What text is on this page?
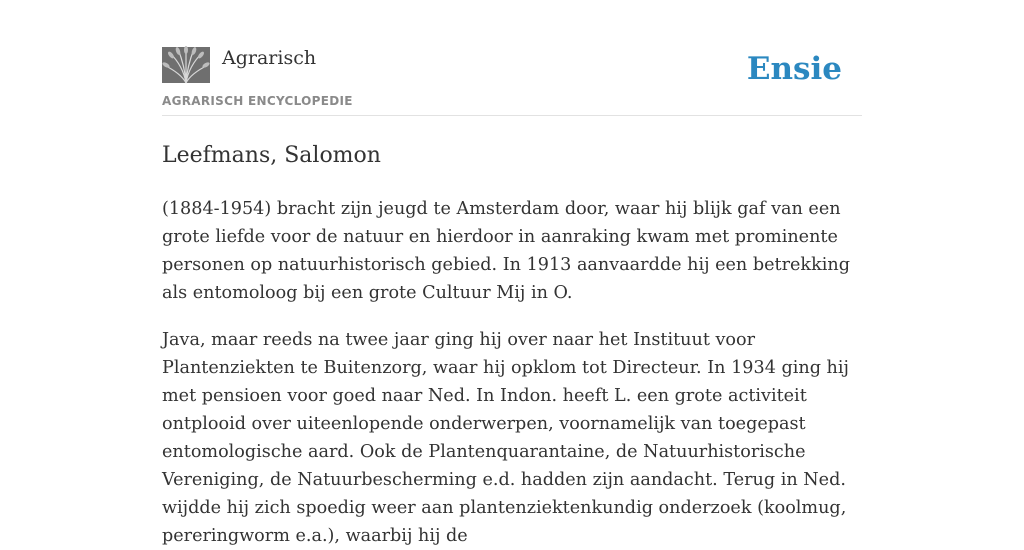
Agrarisch
AGRARISCH ENCYCLOPEDIE
Ensie
Leefmans, Salomon

(1884-1954) bracht zijn jeugd te Amsterdam door, waar hij blijk gaf van een grote liefde voor de natuur en hierdoor in aanraking kwam met prominente personen op natuurhistorisch gebied. In 1913 aanvaardde hij een betrekking als entomoloog bij een grote Cultuur Mij in O.

Java, maar reeds na twee jaar ging hij over naar het Instituut voor Plantenziekten te Buitenzorg, waar hij opklom tot Directeur. In 1934 ging hij met pensioen voor goed naar Ned. In Indon. heeft L. een grote activiteit ontplooid over uiteenlopende onderwerpen, voornamelijk van toegepast entomologische aard. Ook de Plantenquarantaine, de Natuurhistorische Vereniging, de Natuurbescherming e.d. hadden zijn aandacht. Terug in Ned. wijdde hij zich spoedig weer aan plantenziektenkundig onderzoek (koolmug, pereringworm e.a.), waarbij hij de
